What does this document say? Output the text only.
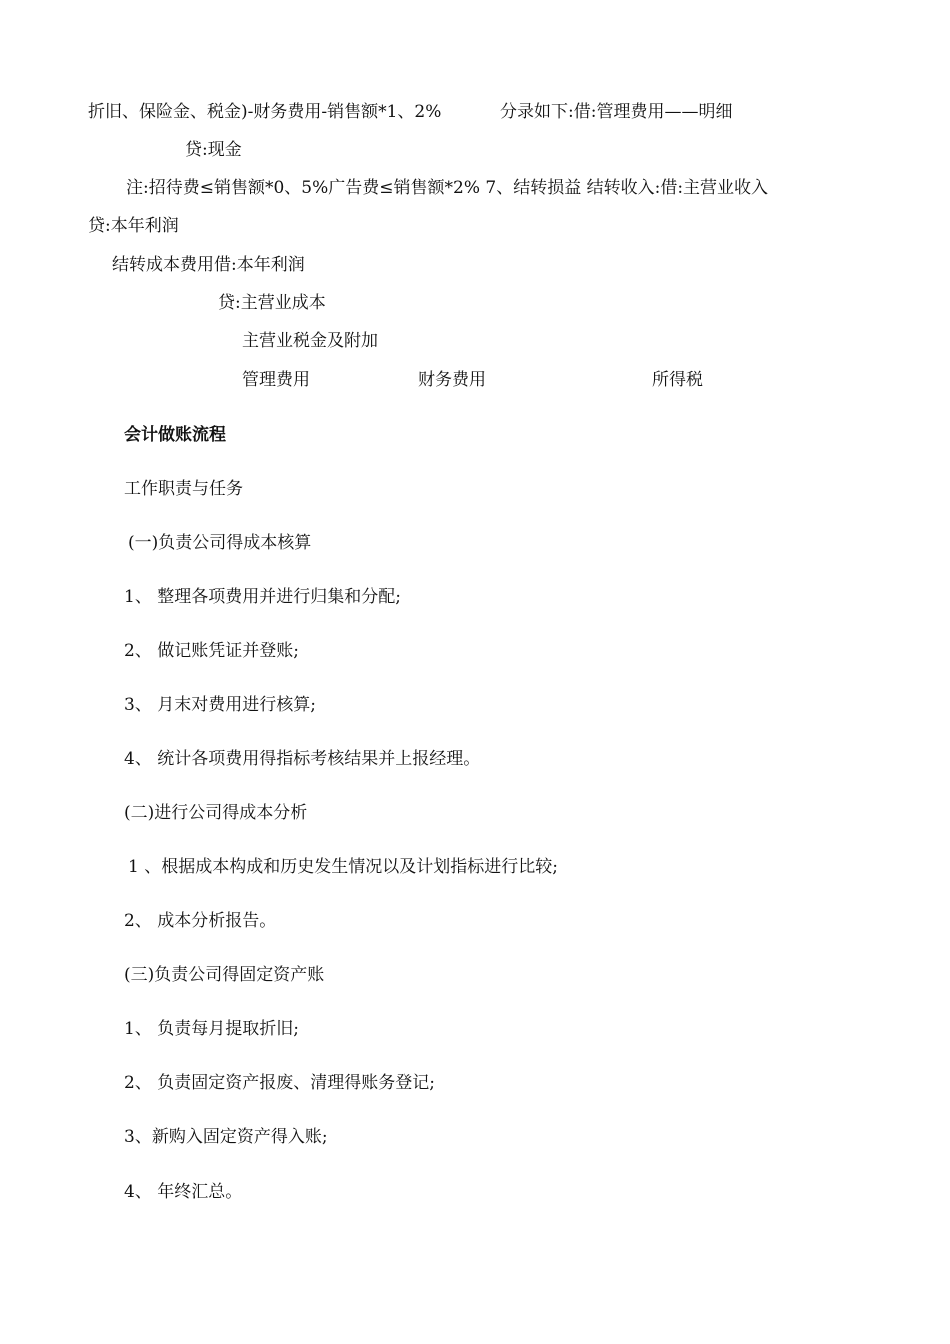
折旧、保险金、税金)-财务费用-销售额*1、2%	分录如下:借:管理费用——明细
贷:现金
注:招待费≤销售额*0、5%广告费≤销售额*2% 7、结转损益 结转收入:借:主营业收入
贷:本年利润
结转成本费用借:本年利润
贷:主营业成本
主营业税金及附加
管理费用	财务费用	所得税
会计做账流程
工作职责与任务
(一)负责公司得成本核算
1、 整理各项费用并进行归集和分配;
2、 做记账凭证并登账;
3、 月末对费用进行核算;
4、 统计各项费用得指标考核结果并上报经理。
(二)进行公司得成本分析
1 、根据成本构成和历史发生情况以及计划指标进行比较;
2、 成本分析报告。
(三)负责公司得固定资产账
1、 负责每月提取折旧;
2、 负责固定资产报废、清理得账务登记;
3、新购入固定资产得入账;
4、 年终汇总。
